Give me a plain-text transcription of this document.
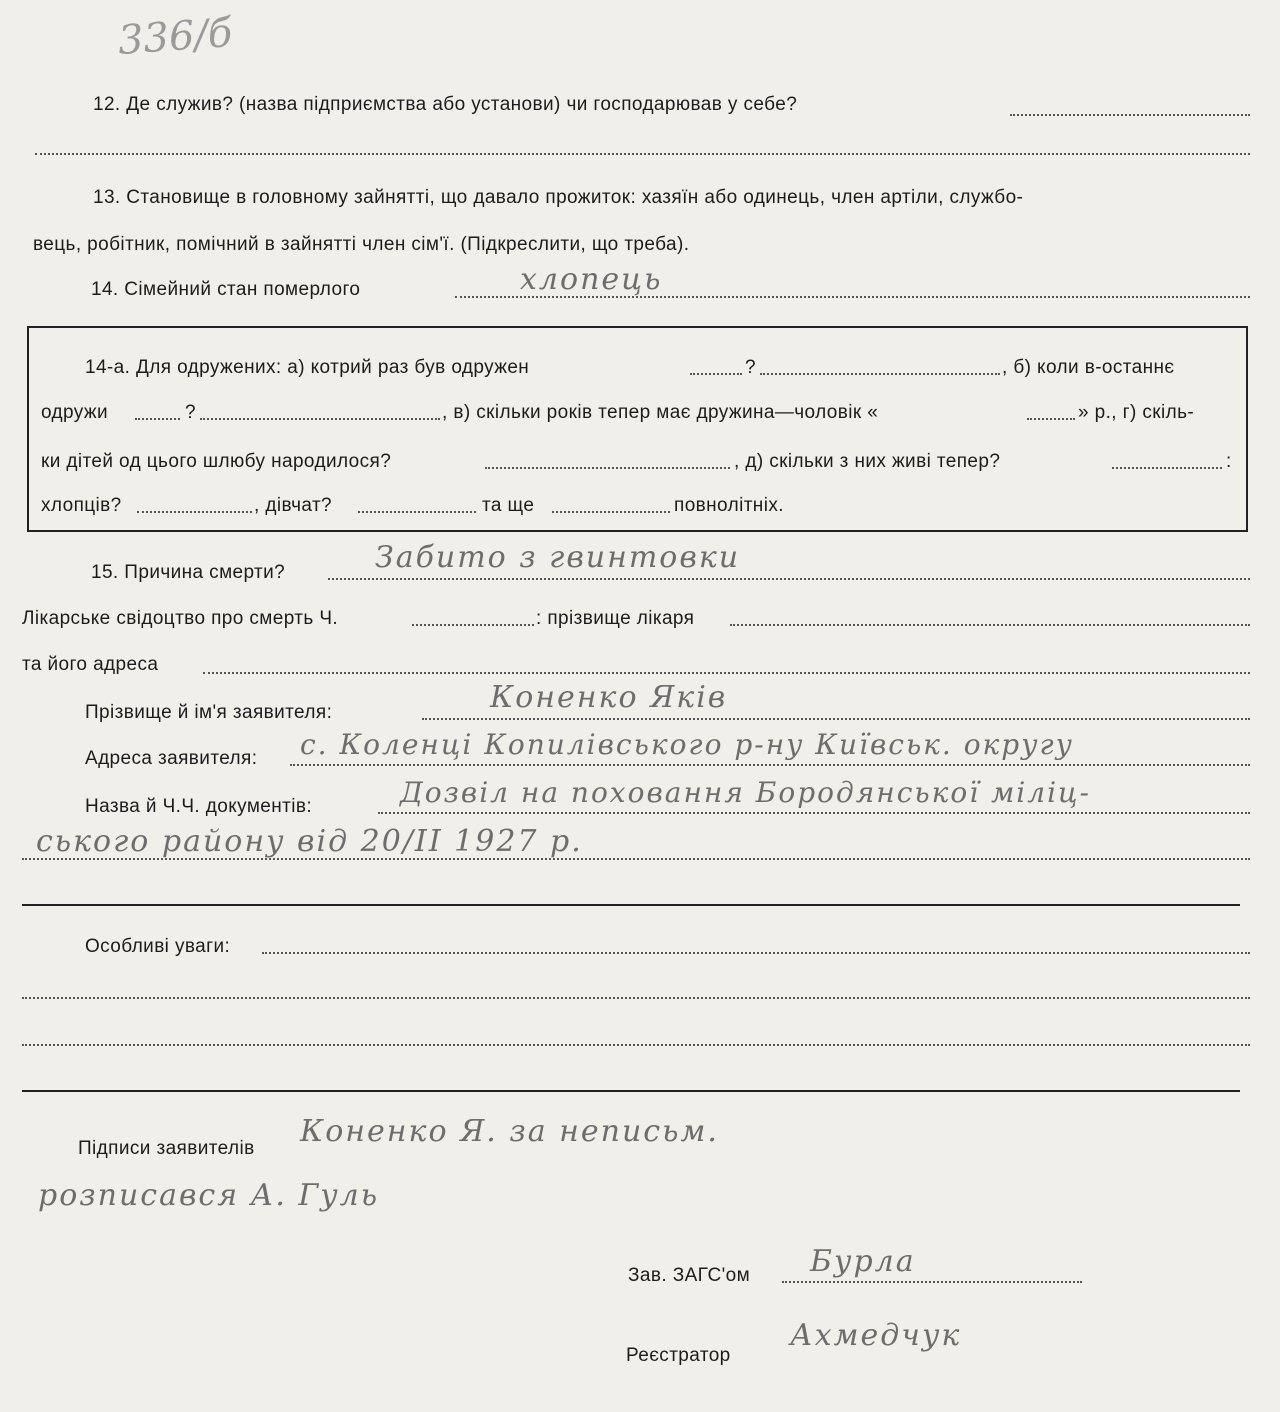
336/б
12. Де служив? (назва підприємства або установи) чи господарював у себе?
13. Становище в головному зайнятті, що давало прожиток: хазяїн або одинець, член артіли, службо-
вець, робітник, помічний в зайнятті член сім'ї. (Підкреслити, що треба).
14. Сімейний стан померлого	хлопець
14-а. Для одружених: а) котрий раз був одружен	?	, б) коли в-останнє
одружи	?	, в) скільки років тепер має дружина—чоловік «	» р., г) скіль-
ки дітей од цього шлюбу народилося?	, д) скільки з них живі тепер?	:
хлопців?	, дівчат?	та ще	повнолітніх.
15. Причина смерти?	Забито з гвинтовки
Лікарське свідоцтво про смерть Ч.	: прізвище лікаря
та його адреса
Прізвище й ім'я заявителя:	Коненко Яків
Адреса заявителя: с. Коленці Копилівського р-ну Київськ. округу
Назва й Ч.Ч. документів:	Дозвіл на поховання Бородянської міліц-
ського району від 20/II 1927 р.
Особливі уваги:
Підписи заявителів Коненко Я. за неписьм.
розписався А. Гуль
Зав. ЗАГС'ом Бурла
Реєстратор
Ахмедчук
